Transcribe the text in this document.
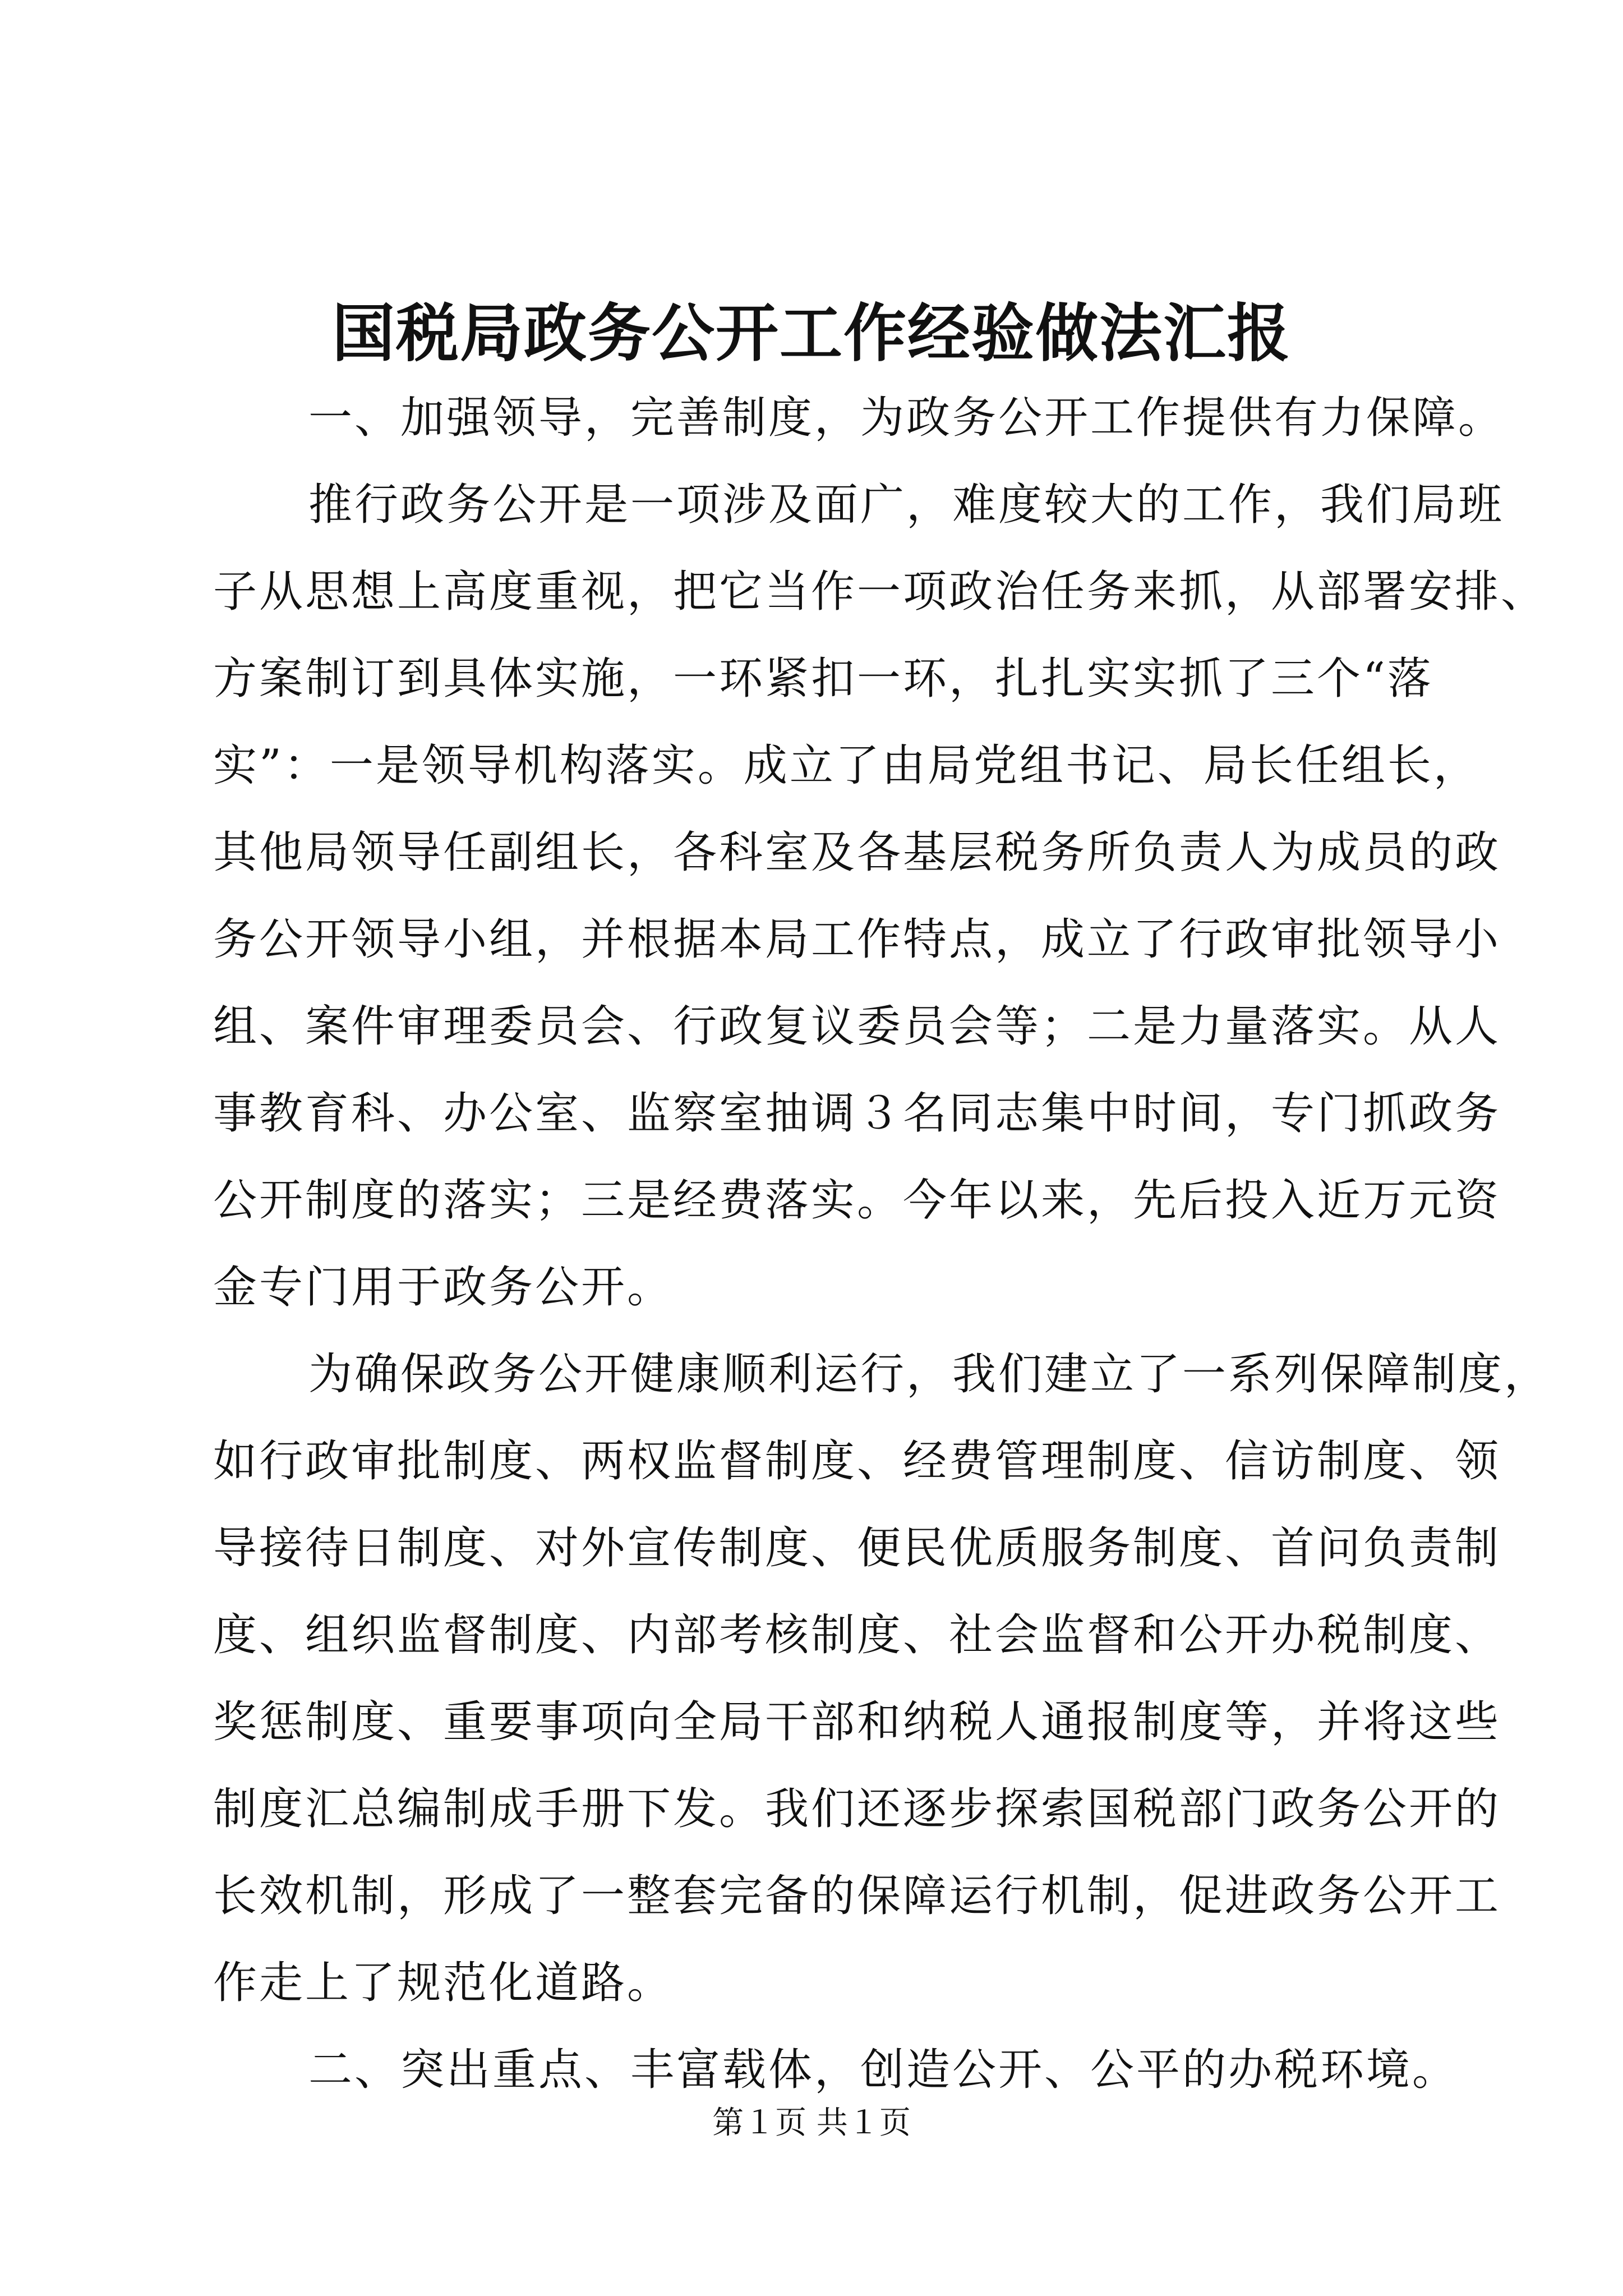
国税局政务公开工作经验做法汇报
一、加强领导，完善制度，为政务公开工作提供有力保障。
推行政务公开是一项涉及面广，难度较大的工作，我们局班
子从思想上高度重视，把它当作一项政治任务来抓，从部署安排、
方案制订到具体实施，一环紧扣一环，扎扎实实抓了三个“落
实”：一是领导机构落实。成立了由局党组书记、局长任组长，
其他局领导任副组长，各科室及各基层税务所负责人为成员的政
务公开领导小组，并根据本局工作特点，成立了行政审批领导小
组、案件审理委员会、行政复议委员会等；二是力量落实。从人
事教育科、办公室、监察室抽调３名同志集中时间，专门抓政务
公开制度的落实；三是经费落实。今年以来，先后投入近万元资
金专门用于政务公开。
为确保政务公开健康顺利运行，我们建立了一系列保障制度，
如行政审批制度、两权监督制度、经费管理制度、信访制度、领
导接待日制度、对外宣传制度、便民优质服务制度、首问负责制
度、组织监督制度、内部考核制度、社会监督和公开办税制度、
奖惩制度、重要事项向全局干部和纳税人通报制度等，并将这些
制度汇总编制成手册下发。我们还逐步探索国税部门政务公开的
长效机制，形成了一整套完备的保障运行机制，促进政务公开工
作走上了规范化道路。
二、突出重点、丰富载体，创造公开、公平的办税环境。
第１页 共１页
